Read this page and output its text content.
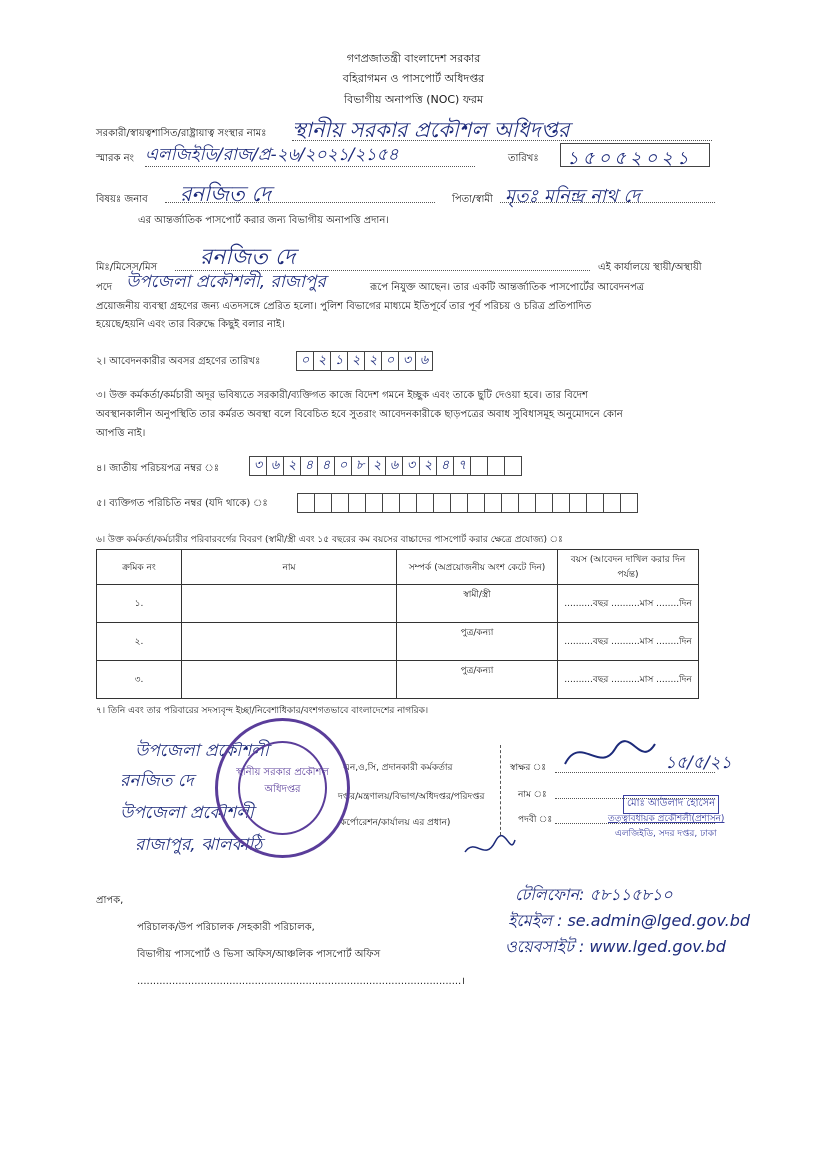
গণপ্রজাতন্ত্রী বাংলাদেশ সরকার
বহিরাগমন ও পাসপোর্ট অধিদপ্তর
বিভাগীয় অনাপত্তি (NOC) ফরম
সরকারী/স্বায়ত্বশাসিত/রাষ্ট্রায়াত্ব সংস্থার নামঃ স্থানীয় সরকার প্রকৌশল অধিদপ্তর
স্মারক নং এলজিইডি/রাজ/প্র-২৬/২০২১/২১৫৪	তারিখঃ	১৫০৫২০২১
বিষয়ঃ জনাব রনজিত দে	পিতা/স্বামী মৃতঃ মনিন্দ্র নাথ দে
এর আন্তর্জাতিক পাসপোর্ট করার জন্য বিভাগীয় অনাপত্তি প্রদান।
মিঃ/মিসেস/মিস রনজিত দে	এই কার্যালয়ে স্থায়ী/অস্থায়ী
পদে উপজেলা প্রকৌশলী, রাজাপুর	রূপে নিযুক্ত আছেন। তার একটি আন্তর্জাতিক পাসপোর্টের আবেদনপত্র
প্রয়োজনীয় ব্যবস্থা গ্রহণের জন্য এতদসঙ্গে প্রেরিত হলো। পুলিশ বিভাগের মাধ্যমে ইতিপূর্বে তার পূর্ব পরিচয় ও চরিত্র প্রতিপাদিত
হয়েছে/হয়নি এবং তার বিরুদ্ধে কিছুই বলার নাই।
২। আবেদনকারীর অবসর গ্রহণের তারিখঃ	০ ২ ১ ২ ২ ০ ৩ ৬
৩। উক্ত কর্মকর্তা/কর্মচারী অদূর ভবিষ্যতে সরকারী/ব্যক্তিগত কাজে বিদেশ গমনে ইচ্ছুক এবং তাকে ছুটি দেওয়া হবে। তার বিদেশ
অবস্থানকালীন অনুপস্থিতি তার কর্মরত অবস্থা বলে বিবেচিত হবে সুতরাং আবেদনকারীকে ছাড়পত্রের অবাধ সুবিধাসমূহ অনুমোদনে কোন
আপত্তি নাই।
৪। জাতীয় পরিচয়পত্র নম্বর ঃ	৩ ৬ ২ ৪ ৪ ০ ৮ ২ ৬ ৩ ২ ৪ ৭
৫। ব্যক্তিগত পরিচিতি নম্বর (যদি থাকে) ঃ
৬। উক্ত কর্মকর্তা/কর্মচারীর পরিবারবর্গের বিবরণ (স্বামী/স্ত্রী এবং ১৫ বছরের কম বয়সের বাচ্চাদের পাসপোর্ট করার ক্ষেত্রে প্রযোজ্য) ঃ
ক্রমিক নং	নাম	সম্পর্ক (অপ্রয়োজনীয় অংশ কেটে দিন)	বয়স (আবেদন দাখিল করার দিন পর্যন্ত)
১.		স্বামী/স্ত্রী	..........বছর ..........মাস ........দিন
২.		পুত্র/কন্যা	..........বছর ..........মাস ........দিন
৩.		পুত্র/কন্যা	..........বছর ..........মাস ........দিন
৭। তিনি এবং তার পরিবারের সদস্যবৃন্দ ইচ্ছা/নিবেশাধিকার/বংশগতভাবে বাংলাদেশের নাগরিক।
উপজেলা প্রকৌশলী
রনজিত দে
উপজেলা প্রকৌশলী
রাজাপুর, ঝালকাঠি
এন,ও,সি, প্রদানকারী কর্মকর্তার
দপ্তর/মন্ত্রণালয়/বিভাগ/অধিদপ্তর/পরিদপ্তর
কর্পোরেশন/কার্যালয় এর প্রধান)
স্থানীয় সরকার প্রকৌশল অধিদপ্তর
স্বাক্ষর ঃ	১৫/৫/২১
নাম ঃ
পদবী ঃ
মোঃ আউলাদ হোসেন
তত্ত্বাবধায়ক প্রকৌশলী(প্রশাসন)
এলজিইডি, সদর দপ্তর, ঢাকা
টেলিফোন: ৫৮১১৫৮১০
ইমেইল : se.admin@lged.gov.bd
ওয়েবসাইট : www.lged.gov.bd
প্রাপক,
পরিচালক/উপ পরিচালক /সহকারী পরিচালক,
বিভাগীয় পাসপোর্ট ও ভিসা অফিস/আঞ্চলিক পাসপোর্ট অফিস
......................................................................................................।
